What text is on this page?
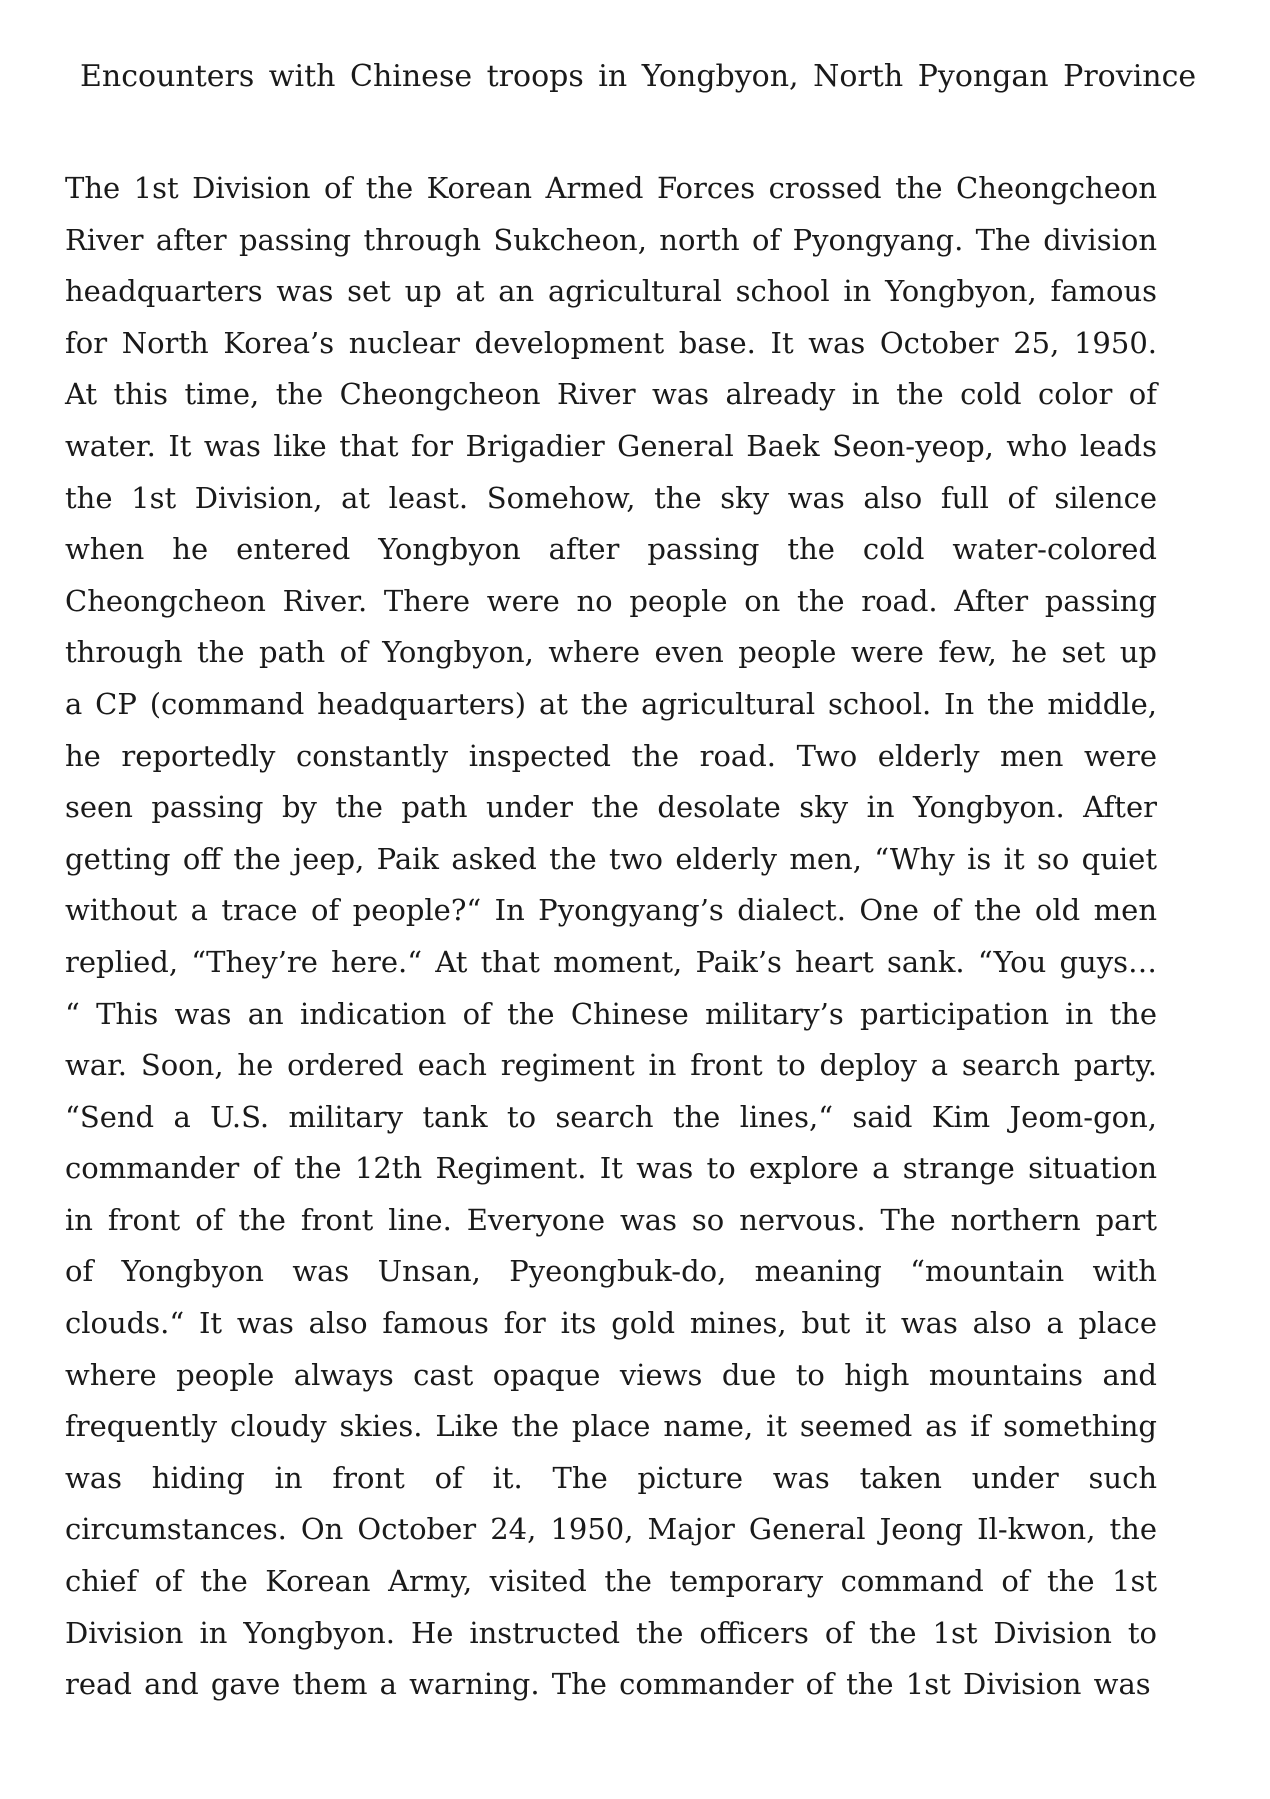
Encounters with Chinese troops in Yongbyon, North Pyongan Province

The 1st Division of the Korean Armed Forces crossed the Cheongcheon River after passing through Sukcheon, north of Pyongyang. The division headquarters was set up at an agricultural school in Yongbyon, famous for North Korea’s nuclear development base. It was October 25, 1950. At this time, the Cheongcheon River was already in the cold color of water. It was like that for Brigadier General Baek Seon-yeop, who leads the 1st Division, at least. Somehow, the sky was also full of silence when he entered Yongbyon after passing the cold water-colored Cheongcheon River. There were no people on the road. After passing through the path of Yongbyon, where even people were few, he set up a CP (command headquarters) at the agricultural school. In the middle, he reportedly constantly inspected the road. Two elderly men were seen passing by the path under the desolate sky in Yongbyon. After getting off the jeep, Paik asked the two elderly men, “Why is it so quiet without a trace of people?“ In Pyongyang’s dialect. One of the old men replied, “They’re here.“ At that moment, Paik’s heart sank. “You guys… “ This was an indication of the Chinese military’s participation in the war. Soon, he ordered each regiment in front to deploy a search party. “Send a U.S. military tank to search the lines,“ said Kim Jeom-gon, commander of the 12th Regiment. It was to explore a strange situation in front of the front line. Everyone was so nervous. The northern part of Yongbyon was Unsan, Pyeongbuk-do, meaning “mountain with clouds.“ It was also famous for its gold mines, but it was also a place where people always cast opaque views due to high mountains and frequently cloudy skies. Like the place name, it seemed as if something was hiding in front of it. The picture was taken under such circumstances. On October 24, 1950, Major General Jeong Il-kwon, the chief of the Korean Army, visited the temporary command of the 1st Division in Yongbyon. He instructed the officers of the 1st Division to read and gave them a warning. The commander of the 1st Division was
